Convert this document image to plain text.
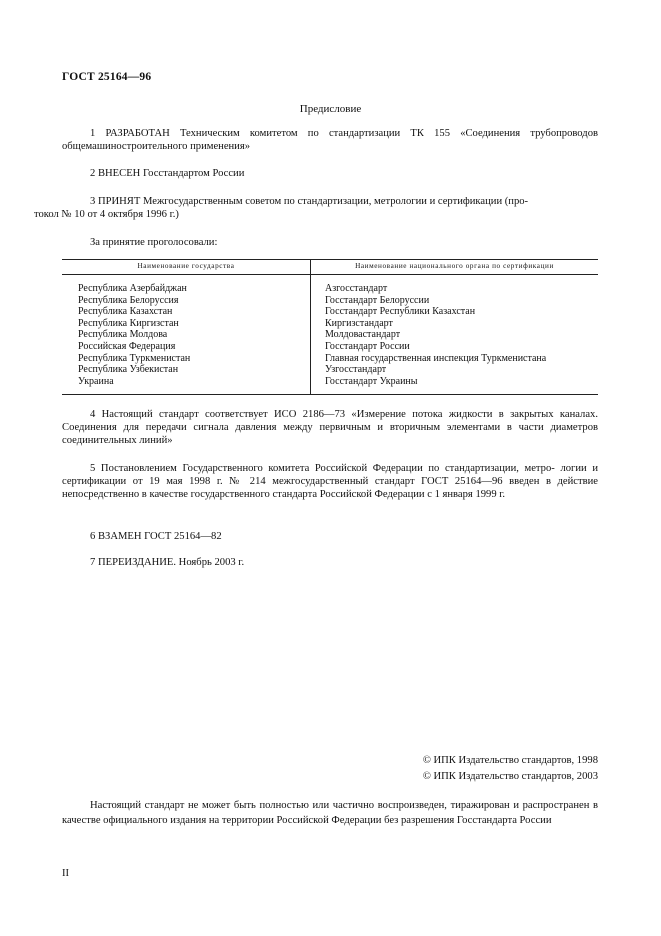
ГОСТ 25164—96
Предисловие

1 РАЗРАБОТАН Техническим комитетом по стандартизации ТК 155 «Соединения трубопроводов общемашиностроительного применения»

2 ВНЕСЕН Госстандартом России

3 ПРИНЯТ Межгосударственным советом по стандартизации, метрологии и сертификации (про-
токол № 10 от 4 октября 1996 г.)

За принятие проголосовали:

Наименование государства	Наименование национального органа по сертификации
Республика Азербайджан
Республика Белоруссия
Республика Казахстан
Республика Киргизстан
Республика Молдова
Российская Федерация
Республика Туркменистан
Республика Узбекистан
Украина
Азгосстандарт
Госстандарт Белоруссии
Госстандарт Республики Казахстан
Киргизстандарт
Молдовастандарт
Госстандарт России
Главная государственная инспекция Туркменистана
Узгосстандарт
Госстандарт Украины

4 Настоящий стандарт соответствует ИСО 2186—73 «Измерение потока жидкости в закрытых каналах. Соединения для передачи сигнала давления между первичным и вторичным элементами в части диаметров соединительных линий»

5 Постановлением Государственного комитета Российской Федерации по стандартизации, метро- логии и сертификации от 19 мая 1998 г. № 214 межгосударственный стандарт ГОСТ 25164—96 введен в действие непосредственно в качестве государственного стандарта Российской Федерации с 1 января 1999 г.

6 ВЗАМЕН ГОСТ 25164—82

7 ПЕРЕИЗДАНИЕ. Ноябрь 2003 г.

© ИПК Издательство стандартов, 1998
© ИПК Издательство стандартов, 2003

Настоящий стандарт не может быть полностью или частично воспроизведен, тиражирован и распространен в качестве официального издания на территории Российской Федерации без разрешения Госстандарта России

II
